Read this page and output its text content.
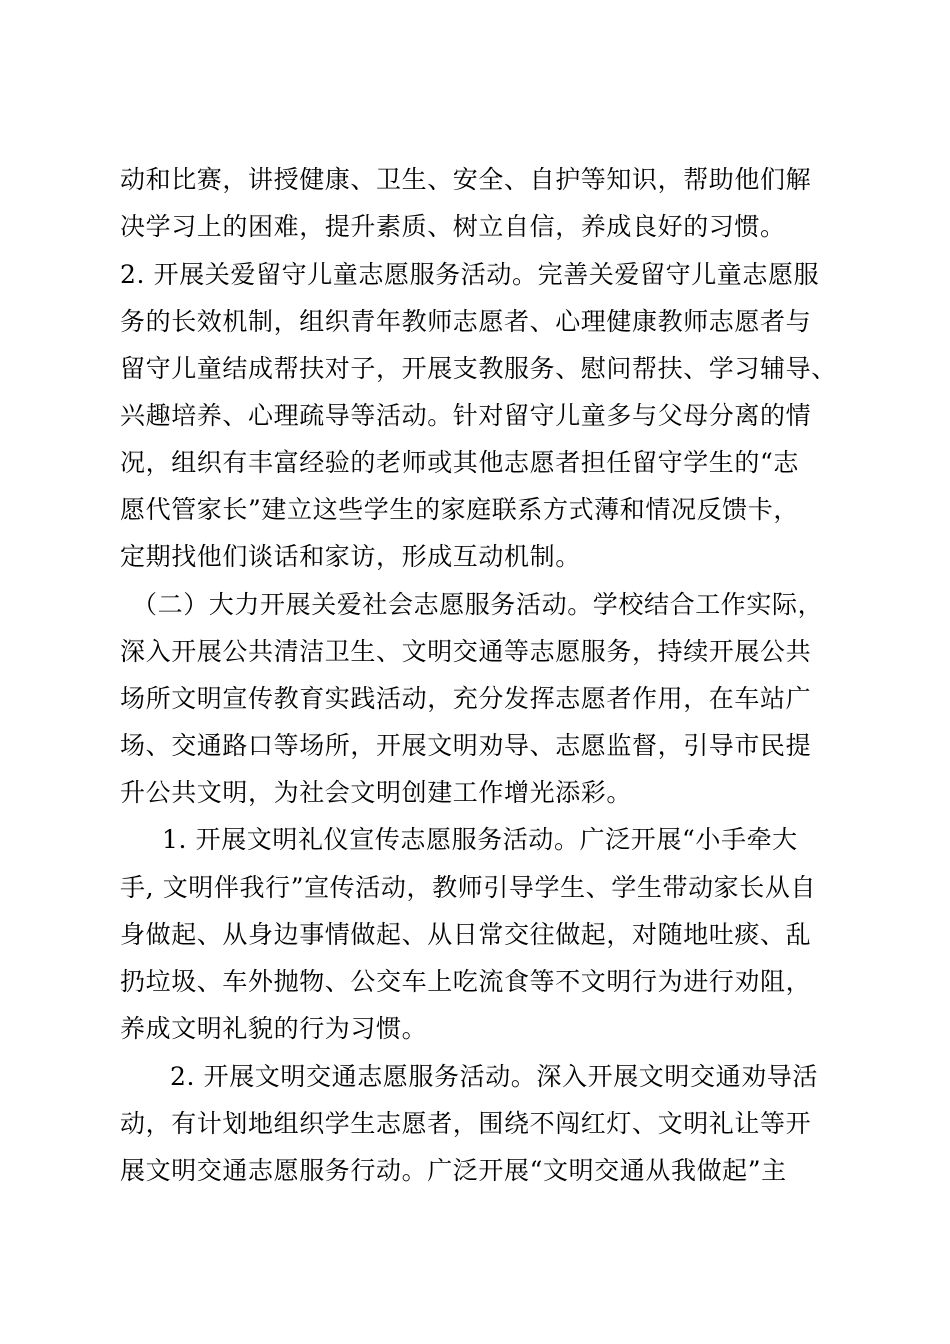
动和比赛，讲授健康、卫生、安全、自护等知识，帮助他们解
决学习上的困难，提升素质、树立自信，养成良好的习惯。
2. 开展关爱留守儿童志愿服务活动。完善关爱留守儿童志愿服
务的长效机制，组织青年教师志愿者、心理健康教师志愿者与
留守儿童结成帮扶对子，开展支教服务、慰问帮扶、学习辅导、
兴趣培养、心理疏导等活动。针对留守儿童多与父母分离的情
况，组织有丰富经验的老师或其他志愿者担任留守学生的“志
愿代管家长”建立这些学生的家庭联系方式薄和情况反馈卡，
定期找他们谈话和家访，形成互动机制。
（二）大力开展关爱社会志愿服务活动。学校结合工作实际，
深入开展公共清洁卫生、文明交通等志愿服务，持续开展公共
场所文明宣传教育实践活动，充分发挥志愿者作用，在车站广
场、交通路口等场所，开展文明劝导、志愿监督，引导市民提
升公共文明，为社会文明创建工作增光添彩。
1. 开展文明礼仪宣传志愿服务活动。广泛开展“小手牵大
手, 文明伴我行”宣传活动，教师引导学生、学生带动家长从自
身做起、从身边事情做起、从日常交往做起，对随地吐痰、乱
扔垃圾、车外抛物、公交车上吃流食等不文明行为进行劝阻，
养成文明礼貌的行为习惯。
2. 开展文明交通志愿服务活动。深入开展文明交通劝导活
动，有计划地组织学生志愿者，围绕不闯红灯、文明礼让等开
展文明交通志愿服务行动。广泛开展“文明交通从我做起”主
